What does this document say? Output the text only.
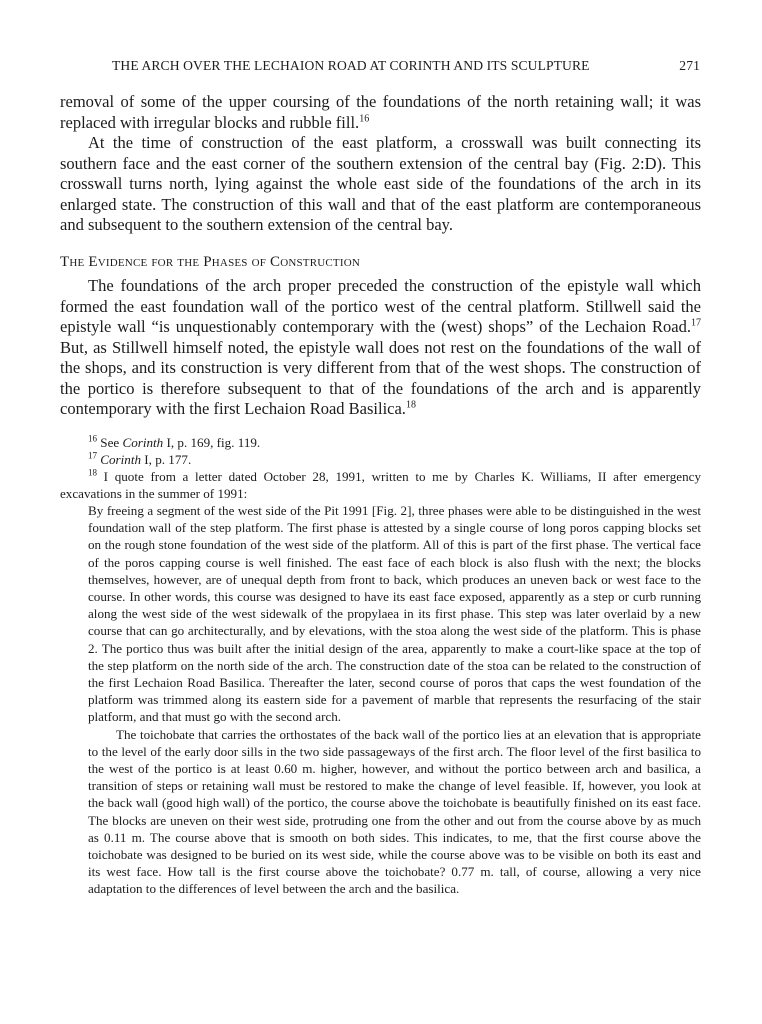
THE ARCH OVER THE LECHAION ROAD AT CORINTH AND ITS SCULPTURE	271

removal of some of the upper coursing of the foundations of the north retaining wall; it was replaced with irregular blocks and rubble fill.$^{16}$

At the time of construction of the east platform, a crosswall was built connecting its southern face and the east corner of the southern extension of the central bay (Fig. 2:D). This crosswall turns north, lying against the whole east side of the foundations of the arch in its enlarged state. The construction of this wall and that of the east platform are contemporaneous and subsequent to the southern extension of the central bay.

The Evidence for the Phases of Construction

The foundations of the arch proper preceded the construction of the epistyle wall which formed the east foundation wall of the portico west of the central platform. Stillwell said the epistyle wall “is unquestionably contemporary with the (west) shops” of the Lechaion Road.$^{17}$ But, as Stillwell himself noted, the epistyle wall does not rest on the foundations of the wall of the shops, and its construction is very different from that of the west shops. The construction of the portico is therefore subsequent to that of the foundations of the arch and is apparently contemporary with the first Lechaion Road Basilica.$^{18}$

$^{16}$ See Corinth I, p. 169, fig. 119.

$^{17}$ Corinth I, p. 177.

$^{18}$ I quote from a letter dated October 28, 1991, written to me by Charles K. Williams, II after emergency excavations in the summer of 1991:

By freeing a segment of the west side of the Pit 1991 [Fig. 2], three phases were able to be distinguished in the west foundation wall of the step platform. The first phase is attested by a single course of long poros capping blocks set on the rough stone foundation of the west side of the platform. All of this is part of the first phase. The vertical face of the poros capping course is well finished. The east face of each block is also flush with the next; the blocks themselves, however, are of unequal depth from front to back, which produces an uneven back or west face to the course. In other words, this course was designed to have its east face exposed, apparently as a step or curb running along the west side of the west sidewalk of the propylaea in its first phase. This step was later overlaid by a new course that can go architecturally, and by elevations, with the stoa along the west side of the platform. This is phase 2. The portico thus was built after the initial design of the area, apparently to make a court-like space at the top of the step platform on the north side of the arch. The construction date of the stoa can be related to the construction of the first Lechaion Road Basilica. Thereafter the later, second course of poros that caps the west foundation of the platform was trimmed along its eastern side for a pavement of marble that represents the resurfacing of the stair platform, and that must go with the second arch.

The toichobate that carries the orthostates of the back wall of the portico lies at an elevation that is appropriate to the level of the early door sills in the two side passageways of the first arch. The floor level of the first basilica to the west of the portico is at least 0.60 m. higher, however, and without the portico between arch and basilica, a transition of steps or retaining wall must be restored to make the change of level feasible. If, however, you look at the back wall (good high wall) of the portico, the course above the toichobate is beautifully finished on its east face. The blocks are uneven on their west side, protruding one from the other and out from the course above by as much as 0.11 m. The course above that is smooth on both sides. This indicates, to me, that the first course above the toichobate was designed to be buried on its west side, while the course above was to be visible on both its east and its west face. How tall is the first course above the toichobate? 0.77 m. tall, of course, allowing a very nice adaptation to the differences of level between the arch and the basilica.
